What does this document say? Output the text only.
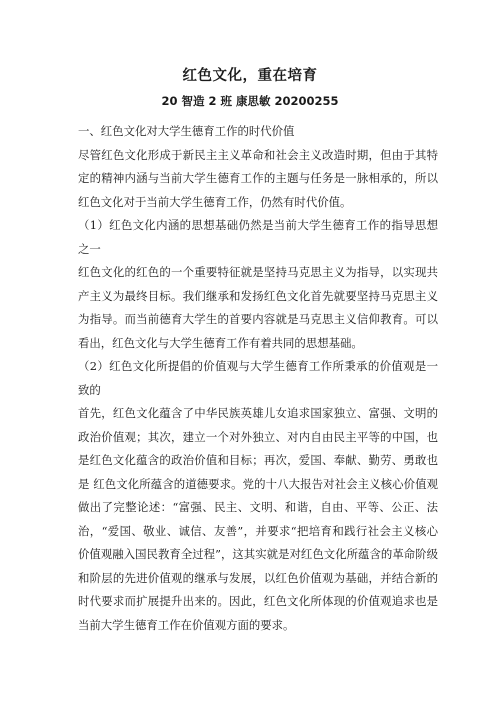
红色文化，重在培育
20 智造 2 班 康思敏 20200255

一、红色文化对大学生德育工作的时代价值

尽管红色文化形成于新民主主义革命和社会主义改造时期，但由于其特定的精神内涵与当前大学生德育工作的主题与任务是一脉相承的，所以红色文化对于当前大学生德育工作，仍然有时代价值。

（1）红色文化内涵的思想基础仍然是当前大学生德育工作的指导思想之一

红色文化的红色的一个重要特征就是坚持马克思主义为指导，以实现共产主义为最终目标。我们继承和发扬红色文化首先就要坚持马克思主义为指导。而当前德育大学生的首要内容就是马克思主义信仰教育。可以看出，红色文化与大学生德育工作有着共同的思想基础。

（2）红色文化所提倡的价值观与大学生德育工作所秉承的价值观是一致的

首先，红色文化蕴含了中华民族英雄儿女追求国家独立、富强、文明的政治价值观；其次，建立一个对外独立、对内自由民主平等的中国，也是红色文化蕴含的政治价值和目标；再次，爱国、奉献、勤劳、勇敢也是 红色文化所蕴含的道德要求。党的十八大报告对社会主义核心价值观做出了完整论述：“富强、民主、文明、和谐，自由、平等、公正、法治，“爱国、敬业、诚信、友善”，并要求“把培育和践行社会主义核心 价值观融入国民教育全过程”，这其实就是对红色文化所蕴含的革命阶级和阶层的先进价值观的继承与发展，以红色价值观为基础，并结合新的时代要求而扩展提升出来的。因此，红色文化所体现的价值观追求也是当前大学生德育工作在价值观方面的要求。
